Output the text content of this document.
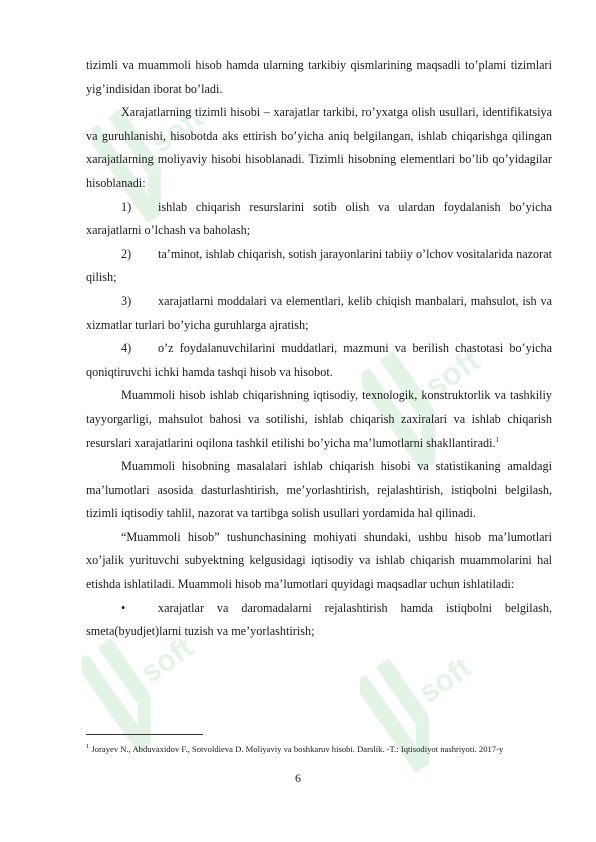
soft
soft
soft	soft

tizimli va muammoli hisob hamda ularning tarkibiy qismlarining maqsadli to’plami tizimlari yig’indisidan iborat bo’ladi.

Xarajatlarning tizimli hisobi – xarajatlar tarkibi, ro’yxatga olish usullari, identifikatsiya va guruhlanishi, hisobotda aks ettirish bo’yicha aniq belgilangan, ishlab chiqarishga qilingan xarajatlarning moliyaviy hisobi hisoblanadi. Tizimli hisobning elementlari bo’lib qo’yidagilar hisoblanadi:

1) ishlab chiqarish resurslarini sotib olish va ulardan foydalanish bo’yicha xarajatlarni o’lchash va baholash;

2) ta’minot, ishlab chiqarish, sotish jarayonlarini tabiiy o’lchov vositalarida nazorat qilish;

3) xarajatlarni moddalari va elementlari, kelib chiqish manbalari, mahsulot, ish va xizmatlar turlari bo’yicha guruhlarga ajratish;

4) o’z foydalanuvchilarini muddatlari, mazmuni va berilish chastotasi bo’yicha qoniqtiruvchi ichki hamda tashqi hisob va hisobot.

Muammoli hisob ishlab chiqarishning iqtisodiy, texnologik, konstruktorlik va tashkiliy tayyorgarligi, mahsulot bahosi va sotilishi, ishlab chiqarish zaxiralari va ishlab chiqarish resurslari xarajatlarini oqilona tashkil etilishi bo’yicha ma’lumotlarni shakllantiradi.$^1$

Muammoli hisobning masalalari ishlab chiqarish hisobi va statistikaning amaldagi ma’lumotlari asosida dasturlashtirish, me’yorlashtirish, rejalashtirish, istiqbolni belgilash, tizimli iqtisodiy tahlil, nazorat va tartibga solish usullari yordamida hal qilinadi.

“Muammoli hisob” tushunchasining mohiyati shundaki, ushbu hisob ma’lumotlari xo’jalik yurituvchi subyektning kelgusidagi iqtisodiy va ishlab chiqarish muammolarini hal etishda ishlatiladi. Muammoli hisob ma’lumotlari quyidagi maqsadlar uchun ishlatiladi:

•	xarajatlar va daromadalarni rejalashtirish hamda istiqbolni belgilash, smeta(byudjet)larni tuzish va me’yorlashtirish;

$^1$ Jorayev N., Abduvaxidov F., Sotvoldieva D. Moliyaviy va boshkaruv hisobi. Darslik. -T.: Iqtisodiyot nashriyoti. 2017-y
6
